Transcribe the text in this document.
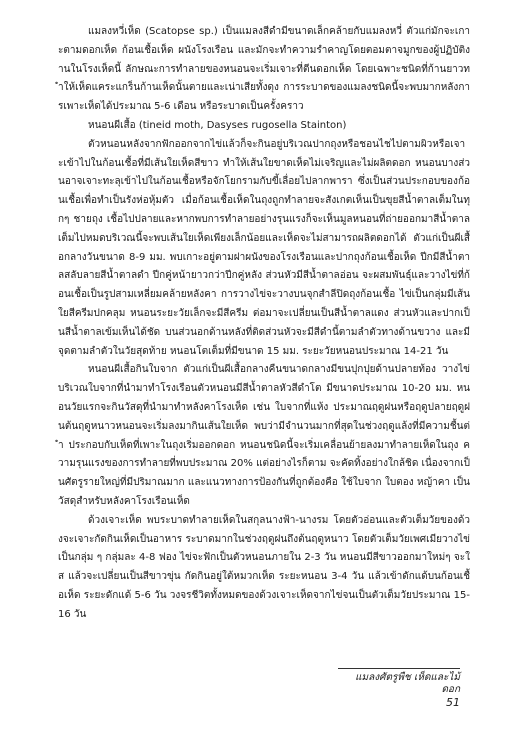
แมลงหวี่เห็ด (Scatopse sp.) เป็นแมลงสีดำมีขนาดเล็กคล้ายกับแมลงหวี่ ตัวแก่มักจะเกาะตามดอกเห็ด ก้อนเชื้อเห็ด ผนังโรงเรือน และมักจะทำความรำคาญโดยตอมตาจมูกของผู้ปฏิบัติงานในโรงเห็ดนี้ ลักษณะการทำลายของหนอนจะเริ่มเจาะที่ตีนดอกเห็ด โดยเฉพาะชนิดที่ก้านยาวทำให้เห็ดแคระแกร็นก้านเห็ดนั้นตายและเน่าเสียทั้งดุง การระบาดของแมลงชนิดนี้จะพบมากหลังการเพาะเห็ดได้ประมาณ 5-6 เดือน หรือระบาดเป็นครั้งคราว

หนอนผีเสื้อ (tineid moth, Dasyses rugosella Stainton)

ตัวหนอนหลังจากฟักออกจากไข่แล้วก็จะกินอยู่บริเวณปากถุงหรือชอนไชไปตามผิวหรือเจาะเข้าไปในก้อนเชื้อที่มีเส้นใยเห็ดสีขาว ทำให้เส้นใยขาดเห็ดไม่เจริญและไม่ผลิตดอก หนอนบางส่วนอาจเจาะทะลุเข้าไปในก้อนเชื้อหรือจักโยกรามกับขี้เลื่อยไปลากพารา ซึ่งเป็นส่วนประกอบของก้อนเชื้อเพื่อทำเป็นรังห่อหุ้มตัว เมื่อก้อนเชื้อเห็ดในถุงถูกทำลายจะสังเกตเห็นเป็นขุยสีน้ำตาลเต็มในทุกๆ ชายถุง เชื้อไปปลายและหากพบการทำลายอย่างรุนแรงก็จะเห็นมูลหนอนที่ถ่ายออกมาสีน้ำตาลเต็มไปหมดบริเวณนี้จะพบเส้นใยเห็ดเพียงเล็กน้อยและเห็ดจะไม่สามารถผลิตดอกได้ ตัวแก่เป็นผีเสื้อกลางวันขนาด 8-9 มม. พบเกาะอยู่ตามฝาผนังของโรงเรือนและปากถุงก้อนเชื้อเห็ด ปีกมีสีน้ำตาลสลับลายสีน้ำตาลดำ ปีกคู่หน้ายาวกว่าปีกคู่หลัง ส่วนหัวมีสีน้ำตาลอ่อน จะผสมพันธุ์และวางไข่ที่ก้อนเชื้อเป็นรูปสามเหลี่ยมคล้ายหลังคา การวางไข่จะวางบนจุกสำลีปิดถุงก้อนเชื้อ ไข่เป็นกลุ่มมีเส้นใยสีครีมปกคลุม หนอนระยะวัยเล็กจะมีสีครีม ต่อมาจะเปลี่ยนเป็นสีน้ำตาลแดง ส่วนหัวและปากเป็นสีน้ำตาลเข้มเห็นได้ชัด บนส่วนอกด้านหลังที่ติดส่วนหัวจะมีสีดำนี้ตามลำตัวทางด้านขวาง และมีจุดตามลำตัวในวัยสุดท้าย หนอนโตเต็มที่มีขนาด 15 มม. ระยะวัยหนอนประมาณ 14-21 วัน

หนอนผีเสื้อกินใบจาก ตัวแก่เป็นผีเสื้อกลางคืนขนาดกลางมีขนปุกปุยด้านปลายท้อง วางไข่บริเวณใบจากที่นำมาทำโรงเรือนตัวหนอนมีสีน้ำตาลหัวสีดำโต มีขนาดประมาณ 10-20 มม. หนอนวัยแรกจะกินวัสดุที่นำมาทำหลังคาโรงเห็ด เช่น ใบจากที่แห้ง ประมาณฤดูฝนหรือฤดูปลายฤดูฝนต้นฤดูหนาวหนอนจะเริ่มลงมากินเส้นใยเห็ด พบว่ามีจำนวนมากที่สุดในช่วงฤดูแล้งที่มีความชื้นต่ำ ประกอบกับเห็ดที่เพาะในถุงเริ่มออกดอก หนอนชนิดนี้จะเริ่มเคลื่อนย้ายลงมาทำลายเห็ดในถุง ความรุนแรงของการทำลายที่พบประมาณ 20% แต่อย่างไรก็ตาม จะคัดทิ้งอย่างใกล้ชิด เนื่องจากเป็นศัตรูรายใหญ่ที่มีปริมาณมาก และแนวทางการป้องกันที่ถูกต้องคือ ใช้ใบจาก ใบตอง หญ้าคา เป็นวัสดุสำหรับหลังคาโรงเรือนเห็ด

ด้วงเจาะเห็ด พบระบาดทำลายเห็ดในสกุลนางฟ้า-นางรม โดยตัวอ่อนและตัวเต็มวัยของด้วงจะเจาะกัดกินเห็ดเป็นอาหาร ระบาดมากในช่วงฤดูฝนถึงต้นฤดูหนาว โดยตัวเต็มวัยเพศเมียวางไข่เป็นกลุ่ม ๆ กลุ่มละ 4-8 ฟอง ไข่จะฟักเป็นตัวหนอนภายใน 2-3 วัน หนอนมีสีขาวออกมาใหม่ๆ จะใส แล้วจะเปลี่ยนเป็นสีขาวขุ่น กัดกินอยู่ใต้หมวกเห็ด ระยะหนอน 3-4 วัน แล้วเข้าดักแด้บนก้อนเชื้อเห็ด ระยะดักแด้ 5-6 วัน วงจรชีวิตทั้งหมดของด้วงเจาะเห็ดจากไข่จนเป็นตัวเต็มวัยประมาณ 15-16 วัน

แมลงศัตรูพืช เห็ดและไม้ดอก
51
